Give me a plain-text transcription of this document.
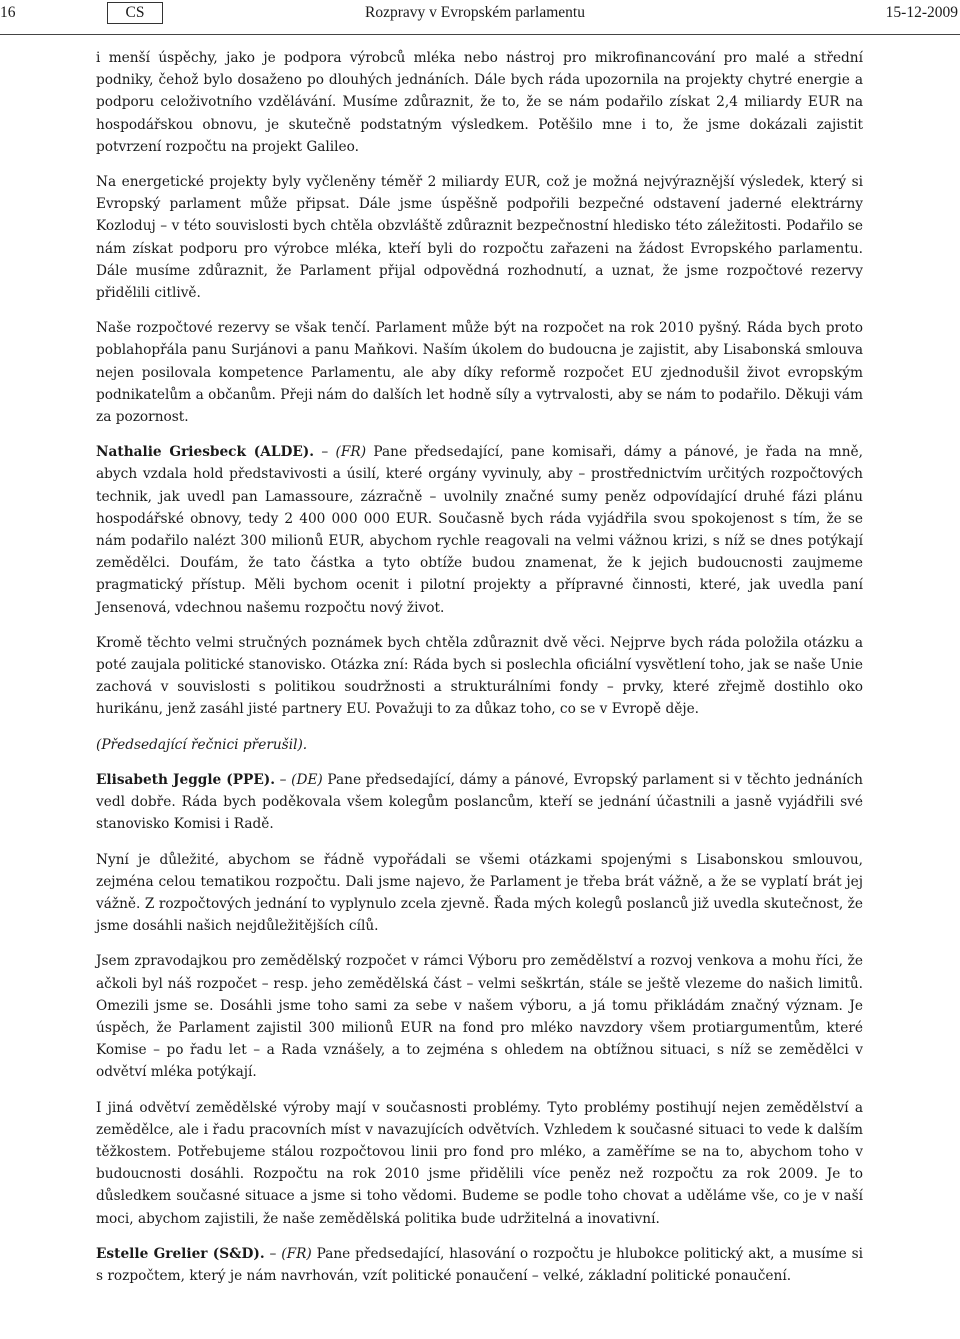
16	CS	Rozpravy v Evropském parlamentu	15-12-2009

i menší úspěchy, jako je podpora výrobců mléka nebo nástroj pro mikrofinancování pro malé a střední podniky, čehož bylo dosaženo po dlouhých jednáních. Dále bych ráda upozornila na projekty chytré energie a podporu celoživotního vzdělávání. Musíme zdůraznit, že to, že se nám podařilo získat 2,4 miliardy EUR na hospodářskou obnovu, je skutečně podstatným výsledkem. Potěšilo mne i to, že jsme dokázali zajistit potvrzení rozpočtu na projekt Galileo.

Na energetické projekty byly vyčleněny téměř 2 miliardy EUR, což je možná nejvýraznější výsledek, který si Evropský parlament může připsat. Dále jsme úspěšně podpořili bezpečné odstavení jaderné elektrárny Kozloduj – v této souvislosti bych chtěla obzvláště zdůraznit bezpečnostní hledisko této záležitosti. Podařilo se nám získat podporu pro výrobce mléka, kteří byli do rozpočtu zařazeni na žádost Evropského parlamentu. Dále musíme zdůraznit, že Parlament přijal odpovědná rozhodnutí, a uznat, že jsme rozpočtové rezervy přidělili citlivě.

Naše rozpočtové rezervy se však tenčí. Parlament může být na rozpočet na rok 2010 pyšný. Ráda bych proto poblahopřála panu Surjánovi a panu Maňkovi. Naším úkolem do budoucna je zajistit, aby Lisabonská smlouva nejen posilovala kompetence Parlamentu, ale aby díky reformě rozpočet EU zjednodušil život evropským podnikatelům a občanům. Přeji nám do dalších let hodně síly a vytrvalosti, aby se nám to podařilo. Děkuji vám za pozornost.

Nathalie Griesbeck (ALDE). – (FR) Pane předsedající, pane komisaři, dámy a pánové, je řada na mně, abych vzdala hold představivosti a úsilí, které orgány vyvinuly, aby – prostřednictvím určitých rozpočtových technik, jak uvedl pan Lamassoure, zázračně – uvolnily značné sumy peněz odpovídající druhé fázi plánu hospodářské obnovy, tedy 2 400 000 000 EUR. Současně bych ráda vyjádřila svou spokojenost s tím, že se nám podařilo nalézt 300 milionů EUR, abychom rychle reagovali na velmi vážnou krizi, s níž se dnes potýkají zemědělci. Doufám, že tato částka a tyto obtíže budou znamenat, že k jejich budoucnosti zaujmeme pragmatický přístup. Měli bychom ocenit i pilotní projekty a přípravné činnosti, které, jak uvedla paní Jensenová, vdechnou našemu rozpočtu nový život.

Kromě těchto velmi stručných poznámek bych chtěla zdůraznit dvě věci. Nejprve bych ráda položila otázku a poté zaujala politické stanovisko. Otázka zní: Ráda bych si poslechla oficiální vysvětlení toho, jak se naše Unie zachová v souvislosti s politikou soudržnosti a strukturálními fondy – prvky, které zřejmě dostihlo oko hurikánu, jenž zasáhl jisté partnery EU. Považuji to za důkaz toho, co se v Evropě děje.

(Předsedající řečnici přerušil).

Elisabeth Jeggle (PPE). – (DE) Pane předsedající, dámy a pánové, Evropský parlament si v těchto jednáních vedl dobře. Ráda bych poděkovala všem kolegům poslancům, kteří se jednání účastnili a jasně vyjádřili své stanovisko Komisi i Radě.

Nyní je důležité, abychom se řádně vypořádali se všemi otázkami spojenými s Lisabonskou smlouvou, zejména celou tematikou rozpočtu. Dali jsme najevo, že Parlament je třeba brát vážně, a že se vyplatí brát jej vážně. Z rozpočtových jednání to vyplynulo zcela zjevně. Řada mých kolegů poslanců již uvedla skutečnost, že jsme dosáhli našich nejdůležitějších cílů.

Jsem zpravodajkou pro zemědělský rozpočet v rámci Výboru pro zemědělství a rozvoj venkova a mohu říci, že ačkoli byl náš rozpočet – resp. jeho zemědělská část – velmi seškrtán, stále se ještě vlezeme do našich limitů. Omezili jsme se. Dosáhli jsme toho sami za sebe v našem výboru, a já tomu přikládám značný význam. Je úspěch, že Parlament zajistil 300 milionů EUR na fond pro mléko navzdory všem protiargumentům, které Komise – po řadu let – a Rada vznášely, a to zejména s ohledem na obtížnou situaci, s níž se zemědělci v odvětví mléka potýkají.

I jiná odvětví zemědělské výroby mají v současnosti problémy. Tyto problémy postihují nejen zemědělství a zemědělce, ale i řadu pracovních míst v navazujících odvětvích. Vzhledem k současné situaci to vede k dalším těžkostem. Potřebujeme stálou rozpočtovou linii pro fond pro mléko, a zaměříme se na to, abychom toho v budoucnosti dosáhli. Rozpočtu na rok 2010 jsme přidělili více peněz než rozpočtu za rok 2009. Je to důsledkem současné situace a jsme si toho vědomi. Budeme se podle toho chovat a uděláme vše, co je v naší moci, abychom zajistili, že naše zemědělská politika bude udržitelná a inovativní.

Estelle Grelier (S&D). – (FR) Pane předsedající, hlasování o rozpočtu je hlubokce politický akt, a musíme si s rozpočtem, který je nám navrhován, vzít politické ponaučení – velké, základní politické ponaučení.
